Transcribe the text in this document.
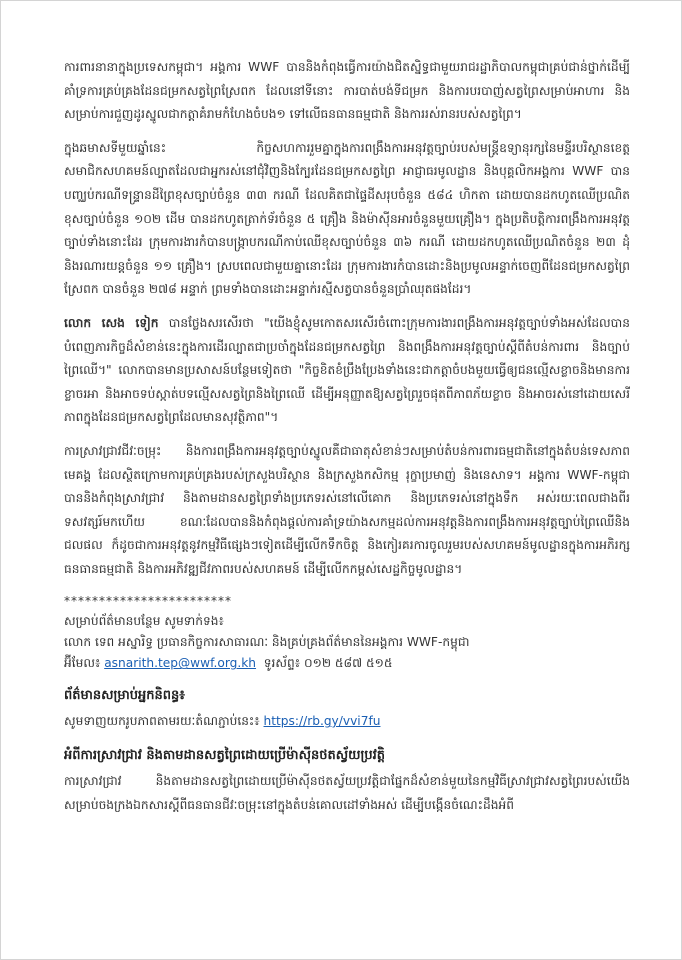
ការពារនានាក្នុងប្រទេសកម្ពុជា។ អង្គការ WWF បាននិងកំពុងធ្វើការយ៉ាងជិតស្និទ្ធជាមួយរាជរដ្ឋាភិបាលកម្ពុជាគ្រប់ជាន់ថ្នាក់ដើម្បីគាំទ្រការគ្រប់គ្រងដែនជម្រកសត្វព្រៃស្រែពក ដែលនៅទីនោះ ការបាត់បង់ទីជម្រក និងការបរបាញ់សត្វព្រៃសម្រាប់អាហារ និងសម្រាប់ការជួញដូរស្នូលជាកត្តាគំរាមកំហែងចំបង១ ទៅលើធនធានធម្មជាតិ និងការរស់រានរបស់សត្វព្រៃ។

ក្នុងឆមាសទីមួយឆ្នាំនេះ កិច្ចសហការរួមគ្នាក្នុងការពង្រឹងការអនុវត្តច្បាប់របស់មន្ត្រីឧទ្យានុរក្សនៃមន្ទីរបរិស្ថានខេត្ត សមាជិកសហគមន៍ល្បាតដែលជាអ្នករស់នៅជុំវិញនិងក្បែរដែនជម្រកសត្វព្រៃ អាជ្ញាធរមូលដ្ឋាន និងបុគ្គលិកអង្គការ WWF បានបញ្ឈប់ករណីទន្ទ្រានដីព្រៃខុសច្បាប់ចំនួន ៣៣ ករណី ដែលគិតជាផ្ទៃដីសរុបចំនួន ៥៨៤ ហិកតា ដោយបានដកហូតឈើប្រណិតខុសច្បាប់ចំនួន ១០២ ដើម បានដកហូតត្រាក់ទ័រចំនួន ៥ គ្រឿង និងម៉ាស៊ីនអារចំនួនមួយគ្រឿង។ ក្នុងប្រតិបត្តិការពង្រឹងការអនុវត្តច្បាប់ទាំងនោះដែរ ក្រុមការងារកំបានបង្ក្រាបករណីកាប់ឈើខុសច្បាប់ចំនួន ៣៦ ករណី ដោយដកហូតឈើប្រណិតចំនួន ២៣ ដុំ និងរណារយន្តចំនួន ១១ គ្រឿង។ ស្របពេលជាមួយគ្នានោះដែរ ក្រុមការងារកំបានដោះនិងប្រមូលអន្ទាក់ចេញពីដែនជម្រកសត្វព្រៃស្រែពក បានចំនួន ២៧៨ អន្ទាក់ ព្រមទាំងបានដោះអន្ទាក់រស្មីសត្វបានចំនួនប្រាំឈុតផងដែរ។

លោក សេង ទៀក បានថ្លែងសរសើរថា "យើងខ្ញុំសូមកោតសរសើរចំពោះក្រុមការងារពង្រឹងការអនុវត្តច្បាប់ទាំងអស់ដែលបានបំពេញភារកិច្ចដ៏សំខាន់នេះក្នុងការដើរល្បាតជាប្រចាំក្នុងដែនជម្រកសត្វព្រៃ និងពង្រឹងការអនុវត្តច្បាប់ស្តីពីតំបន់ការពារ និងច្បាប់ព្រៃឈើ។" លោកបានមានប្រសាសន៍បន្ថែមទៀតថា "កិច្ចខិតខំប្រឹងប្រែងទាំងនេះជាកត្តាចំបងមួយធ្វើឲ្យជនល្មើសខ្លាចនិងមានការខ្លាចរអា និងអាចទប់ស្កាត់បទល្មើសសត្វព្រៃនិងព្រៃឈើ ដើម្បីអនុញ្ញាតឱ្យសត្វព្រៃរួចផុតពីភាពភ័យខ្លាច និងអាចរស់នៅដោយសេរីភាពក្នុងដែនជម្រកសត្វព្រៃដែលមានសុវត្ថិភាព"។

ការស្រាវជ្រាវជីវៈចម្រុះ និងការពង្រឹងការអនុវត្តច្បាប់ស្នូលគឺជាធាតុសំខាន់ៗសម្រាប់តំបន់ការពារធម្មជាតិនៅក្នុងតំបន់ទេសភាពមេគង្គ ដែលស្ថិតក្រោមការគ្រប់គ្រងរបស់ក្រសួងបរិស្ថាន និងក្រសួងកសិកម្ម រុក្ខាប្រមាញ់ និងនេសាទ។ អង្គការ WWF-កម្ពុជា បាននិងកំពុងស្រាវជ្រាវ និងតាមដានសត្វព្រៃទាំងប្រភេទរស់នៅលើគោក និងប្រភេទរស់នៅក្នុងទឹក អស់រយៈពេលជាងពីរទសវត្សរ៍មកហើយ ខណៈដែលបាននិងកំពុងផ្តល់ការគាំទ្រយ៉ាងសកម្មដល់ការអនុវត្តនិងការពង្រឹងការអនុវត្តច្បាប់ព្រៃឈើនិងជលផល ក៏ដូចជាការអនុវត្តនូវកម្មវិធីផ្សេងៗទៀតដើម្បីលើកទឹកចិត្ត និងកៀរគរការចូលរួមរបស់សហគមន៍មូលដ្ឋានក្នុងការអភិរក្សធនធានធម្មជាតិ និងការអភិវឌ្ឍជីវភាពរបស់សហគមន៍ ដើម្បីលើកកម្ពស់សេដ្ឋកិច្ចមូលដ្ឋាន។

************************

សម្រាប់ព័ត៌មានបន្ថែម សូមទាក់ទង៖

លោក ទេព អស្នារិទ្ធ ប្រធានកិច្ចការសាធារណៈ និងគ្រប់គ្រងព័ត៌មាននៃអង្គការ WWF-កម្ពុជា

អ៊ីមែល៖ asnarith.tep@wwf.org.kh ទូរស័ព្ទ៖ ០១២ ៥៨៧ ៥១៥

ព័ត៌មានសម្រាប់អ្នកនិពន្ធ៖

សូមទាញយករូបភាពតាមរយៈតំណភ្ជាប់នេះ៖ https://rb.gy/vvi7fu

អំពីការស្រាវជ្រាវ និងតាមដានសត្វព្រៃដោយប្រើម៉ាស៊ីនថតស្វ័យប្រវត្តិ

ការស្រាវជ្រាវ និងតាមដានសត្វព្រៃដោយប្រើម៉ាស៊ីនថតស្វ័យប្រវត្តិជាផ្នែកដ៏សំខាន់មួយនៃកម្មវិធីស្រាវជ្រាវសត្វព្រៃរបស់យើងសម្រាប់ចងក្រងឯកសារស្តីពីធនធានជីវៈចម្រុះនៅក្នុងតំបន់គោលដៅទាំងអស់ ដើម្បីបង្កើនចំណេះដឹងអំពី
